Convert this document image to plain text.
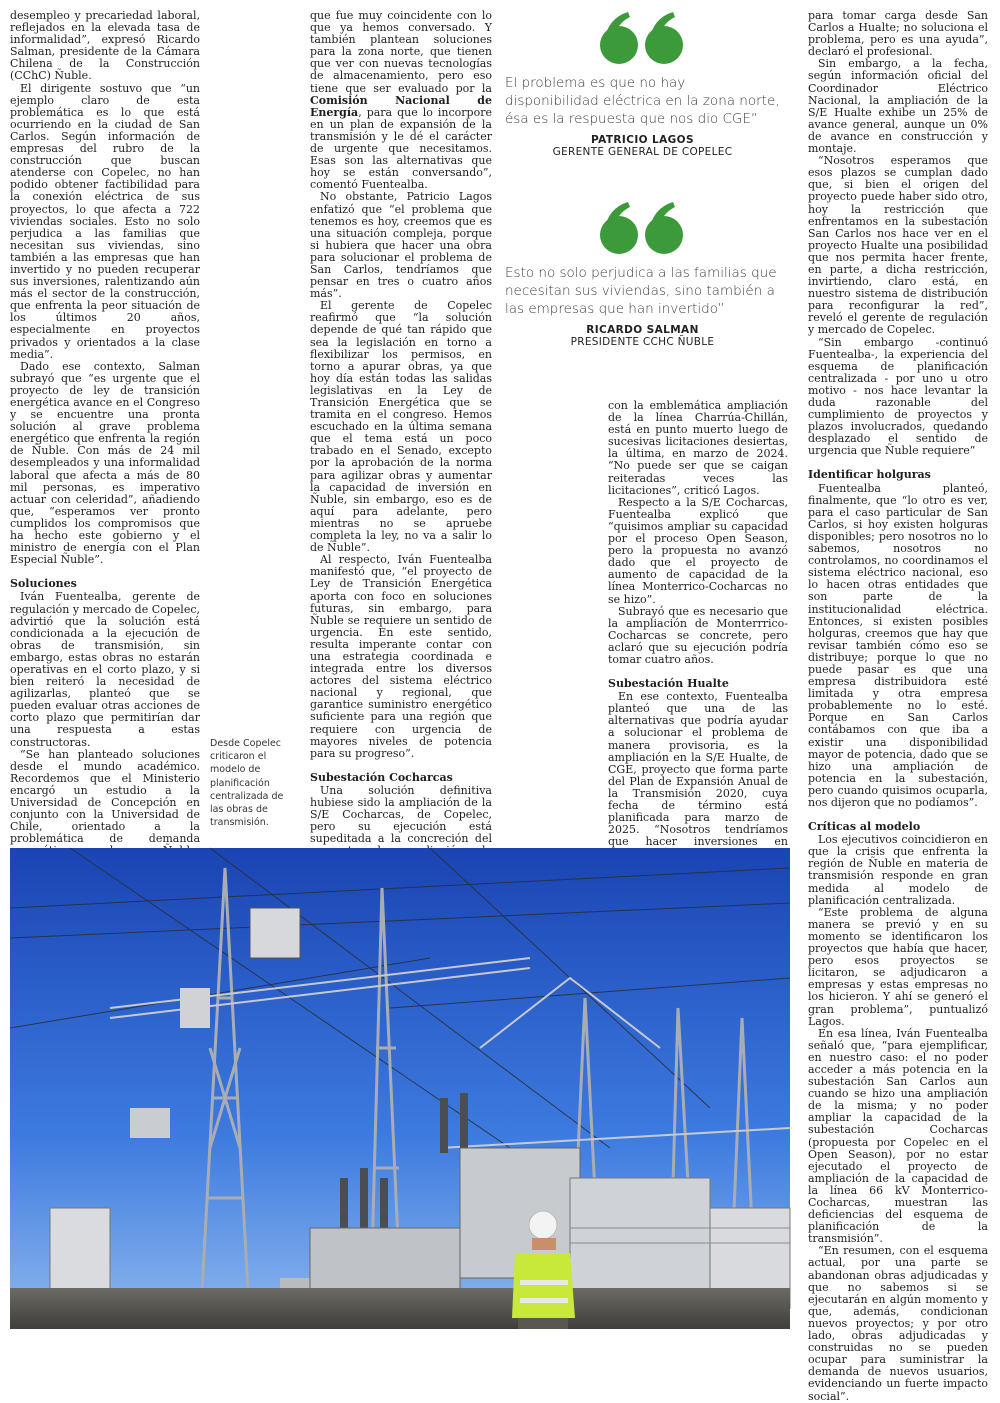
desempleo y precariedad laboral, reflejados en la elevada tasa de informalidad”, expresó Ricardo Salman, presidente de la Cámara Chilena de la Construcción (CChC) Ñuble.

El dirigente sostuvo que “un ejemplo claro de esta problemática es lo que está ocurriendo en la ciudad de San Carlos. Según información de empresas del rubro de la construcción que buscan atenderse con Copelec, no han podido obtener factibilidad para la conexión eléctrica de sus proyectos, lo que afecta a 722 viviendas sociales. Esto no solo perjudica a las familias que necesitan sus viviendas, sino también a las empresas que han invertido y no pueden recuperar sus inversiones, ralentizando aún más el sector de la construcción, que enfrenta la peor situación de los últimos 20 años, especialmente en proyectos privados y orientados a la clase media”.

Dado ese contexto, Salman subrayó que “es urgente que el proyecto de ley de transición energética avance en el Congreso y se encuentre una pronta solución al grave problema energético que enfrenta la región de Ñuble. Con más de 24 mil desempleados y una informalidad laboral que afecta a más de 80 mil personas, es imperativo actuar con celeridad”, añadiendo que, “esperamos ver pronto cumplidos los compromisos que ha hecho este gobierno y el ministro de energía con el Plan Especial Ñuble”.

Soluciones

Iván Fuentealba, gerente de regulación y mercado de Copelec, advirtió que la solución está condicionada a la ejecución de obras de transmisión, sin embargo, estas obras no estarán operativas en el corto plazo, y si bien reiteró la necesidad de agilizarlas, planteó que se pueden evaluar otras acciones de corto plazo que permitirían dar una respuesta a estas constructoras.

“Se han planteado soluciones desde el mundo académico. Recordemos que el Ministerio encargó un estudio a la Universidad de Concepción en conjunto con la Universidad de Chile, orientado a la problemática de demanda

que fue muy coincidente con lo que ya hemos conversado. Y también plantean soluciones para la zona norte, que tienen que ver con nuevas tecnologías de almacenamiento, pero eso tiene que ser evaluado por la Comisión Nacional de Energía, para que lo incorpore en un plan de expansión de la transmisión y le dé el carácter de urgente que necesitamos. Esas son las alternativas que hoy se están conversando”, comentó Fuentealba.

No obstante, Patricio Lagos enfatizó que “el problema que tenemos es hoy, creemos que es una situación compleja, porque si hubiera que hacer una obra para solucionar el problema de San Carlos, tendríamos que pensar en tres o cuatro años más”.

El gerente de Copelec reafirmó que “la solución depende de qué tan rápido que sea la legislación en torno a flexibilizar los permisos, en torno a apurar obras, ya que hoy día están todas las salidas legislativas en la Ley de Transición Energética que se tramita en el congreso. Hemos escuchado en la última semana que el tema está un poco trabado en el Senado, excepto por la aprobación de la norma para agilizar obras y aumentar la capacidad de inversión en Ñuble, sin embargo, eso es de aquí para adelante, pero mientras no se apruebe completa la ley, no va a salir lo de Ñuble”.

Al respecto, Iván Fuentealba manifestó que, “el proyecto de Ley de Transición Energética aporta con foco en soluciones futuras, sin embargo, para Ñuble se requiere un sentido de urgencia. En este sentido, resulta imperante contar con una estrategia coordinada e integrada entre los diversos actores del sistema eléctrico nacional y regional, que garantice suministro energético suficiente para una región que requiere con urgencia de mayores niveles de potencia para su progreso”.

Subestación Cocharcas

Una solución definitiva hubiese sido la ampliación de la S/E Cocharcas, de Copelec, pero su ejecución está supeditada a la concreción del

El problema es que no hay disponibilidad eléctrica en la zona norte, ésa es la respuesta que nos dio CGE”
PATRICIO LAGOS
GERENTE GENERAL DE COPELEC
Esto no solo perjudica a las familias que necesitan sus viviendas, sino también a las empresas que han invertido”
RICARDO SALMAN
PRESIDENTE CCHC ÑUBLE

con la emblemática ampliación de la línea Charrúa-Chillán, está en punto muerto luego de sucesivas licitaciones desiertas, la última, en marzo de 2024. “No puede ser que se caigan reiteradas veces las licitaciones”, criticó Lagos.

Respecto a la S/E Cocharcas, Fuentealba explicó que “quisimos ampliar su capacidad por el proceso Open Season, pero la propuesta no avanzó dado que el proyecto de aumento de capacidad de la línea Monterrico-Cocharcas no se hizo”.

Subrayó que es necesario que la ampliación de Monterrrico-Cocharcas se concrete, pero aclaró que su ejecución podría tomar cuatro años.

Subestación Hualte

En ese contexto, Fuentealba planteó que una de las alternativas que podría ayudar a solucionar el problema de manera provisoria, es la ampliación en la S/E Hualte, de CGE, proyecto que forma parte del Plan de Expansión Anual de la Transmisión 2020, cuya fecha de término está planificada para marzo de 2025. “Nosotros tendríamos que hacer inversiones en

para tomar carga desde San Carlos a Hualte; no soluciona el problema, pero es una ayuda”, declaró el profesional.

Sin embargo, a la fecha, según información oficial del Coordinador Eléctrico Nacional, la ampliación de la S/E Hualte exhibe un 25% de avance general, aunque un 0% de avance en construcción y montaje.

“Nosotros esperamos que esos plazos se cumplan dado que, si bien el origen del proyecto puede haber sido otro, hoy la restricción que enfrentamos en la subestación San Carlos nos hace ver en el proyecto Hualte una posibilidad que nos permita hacer frente, en parte, a dicha restricción, invirtiendo, claro está, en nuestro sistema de distribución para reconfigurar la red”, reveló el gerente de regulación y mercado de Copelec.

“Sin embargo -continuó Fuentealba-, la experiencia del esquema de planificación centralizada - por uno u otro motivo - nos hace levantar la duda razonable del cumplimiento de proyectos y plazos involucrados, quedando desplazado el sentido de urgencia que Ñuble requiere”

Identificar holguras

Fuentealba planteó, finalmente, que “lo otro es ver, para el caso particular de San Carlos, si hoy existen holguras disponibles; pero nosotros no lo sabemos, nosotros no controlamos, no coordinamos el sistema eléctrico nacional, eso lo hacen otras entidades que son parte de la institucionalidad eléctrica. Entonces, si existen posibles holguras, creemos que hay que revisar también cómo eso se distribuye; porque lo que no puede pasar es que una empresa distribuidora esté limitada y otra empresa probablemente no lo esté. Porque en San Carlos contábamos con que iba a existir una disponibilidad mayor de potencia, dado que se hizo una ampliación de potencia en la subestación, pero cuando quisimos ocuparla, nos dijeron que no podíamos”.

Críticas al modelo

Los ejecutivos coincidieron en que la crisis que enfrenta la región de Ñuble en materia de transmisión responde en gran medida al modelo de planificación centralizada.

“Este problema de alguna manera se previó y en su momento se identificaron los proyectos que había que hacer, pero esos proyectos se licitaron, se adjudicaron a empresas y estas empresas no los hicieron. Y ahí se generó el gran problema”, puntualizó Lagos.

En esa línea, Iván Fuentealba señaló que, “para ejemplificar, en nuestro caso: el no poder acceder a más potencia en la subestación San Carlos aun cuando se hizo una ampliación de la misma; y no poder ampliar la capacidad de la subestación Cocharcas (propuesta por Copelec en el Open Season), por no estar ejecutado el proyecto de ampliación de la capacidad de la línea 66 kV Monterrico-Cocharcas, muestran las deficiencias del esquema de planificación de la transmisión”.

“En resumen, con el esquema actual, por una parte se abandonan obras adjudicadas y que no sabemos si se ejecutarán en algún momento y que, además, condicionan nuevos proyectos; y por otro lado, obras adjudicadas y construidas no se pueden ocupar para suministrar la demanda de nuevos usuarios, evidenciando un fuerte impacto social”.

Desde Copelec criticaron el modelo de planificación centralizada de las obras de transmisión.
